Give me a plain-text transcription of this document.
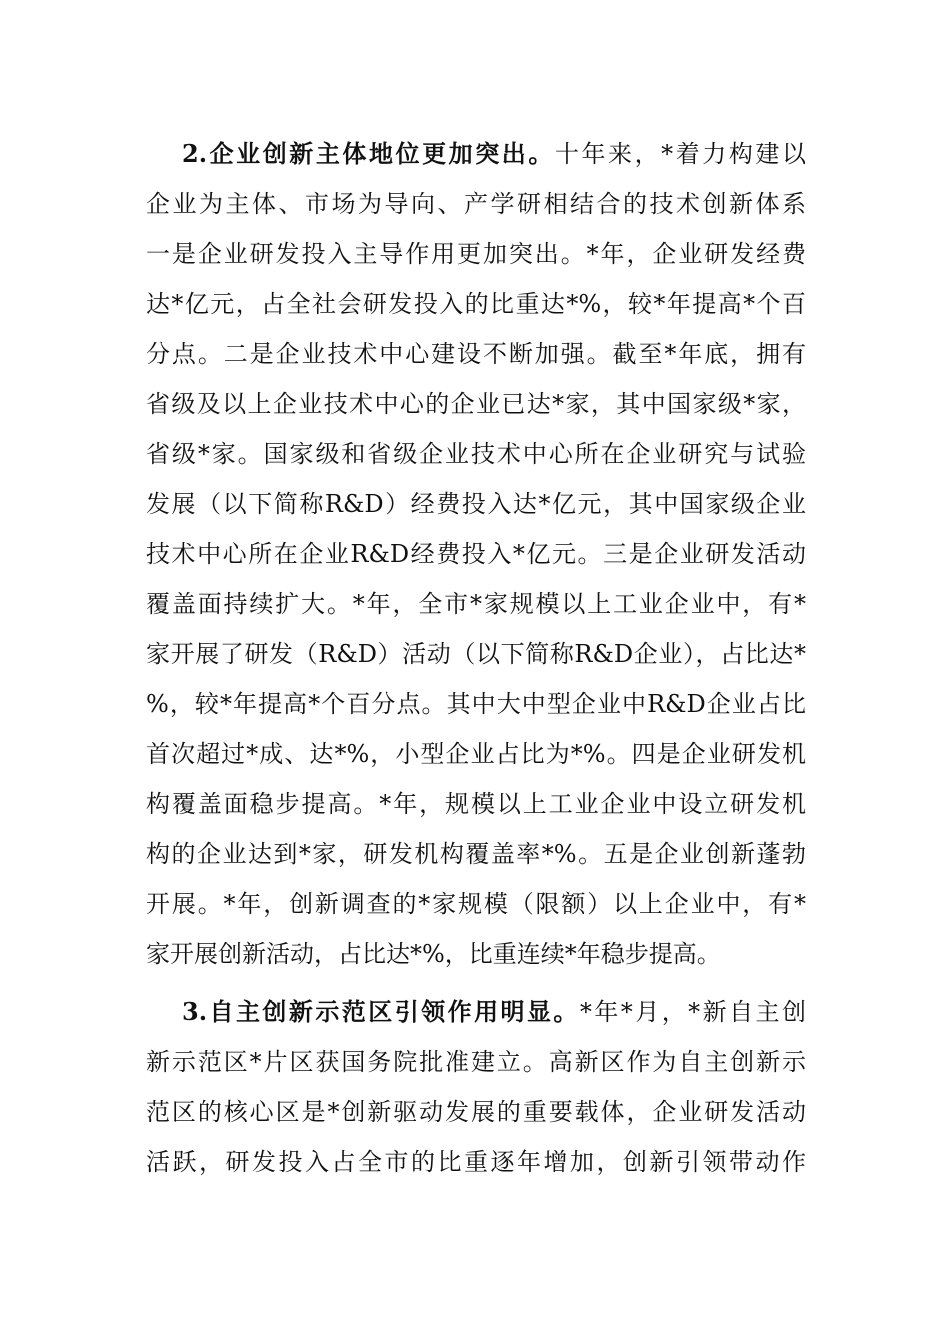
2.企业创新主体地位更加突出。十年来，*着力构建以
企业为主体、市场为导向、产学研相结合的技术创新体系
一是企业研发投入主导作用更加突出。*年，企业研发经费
达*亿元，占全社会研发投入的比重达*%，较*年提高*个百
分点。二是企业技术中心建设不断加强。截至*年底，拥有
省级及以上企业技术中心的企业已达*家，其中国家级*家，
省级*家。国家级和省级企业技术中心所在企业研究与试验
发展（以下简称R&D）经费投入达*亿元，其中国家级企业
技术中心所在企业R&D经费投入*亿元。三是企业研发活动
覆盖面持续扩大。*年，全市*家规模以上工业企业中，有*
家开展了研发（R&D）活动（以下简称R&D企业），占比达*
%，较*年提高*个百分点。其中大中型企业中R&D企业占比
首次超过*成、达*%，小型企业占比为*%。四是企业研发机
构覆盖面稳步提高。*年，规模以上工业企业中设立研发机
构的企业达到*家，研发机构覆盖率*%。五是企业创新蓬勃
开展。*年，创新调查的*家规模（限额）以上企业中，有*
家开展创新活动，占比达*%，比重连续*年稳步提高。
3.自主创新示范区引领作用明显。*年*月，*新自主创
新示范区*片区获国务院批准建立。高新区作为自主创新示
范区的核心区是*创新驱动发展的重要载体，企业研发活动
活跃，研发投入占全市的比重逐年增加，创新引领带动作
